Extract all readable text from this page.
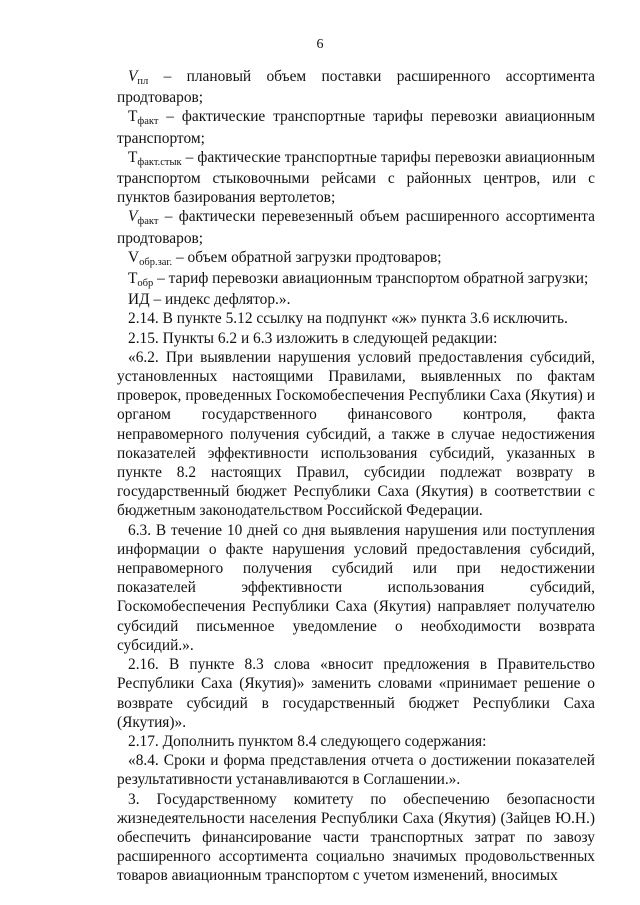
6

Vпл – плановый объем поставки расширенного ассортимента продтоваров;

Tфакт – фактические транспортные тарифы перевозки авиационным транспортом;

Tфакт.стык – фактические транспортные тарифы перевозки авиационным транспортом стыковочными рейсами с районных центров, или с пунктов базирования вертолетов;

Vфакт – фактически перевезенный объем расширенного ассортимента продтоваров;

Vобр.заг. – объем обратной загрузки продтоваров;

Tобр – тариф перевозки авиационным транспортом обратной загрузки;

ИД – индекс дефлятор.».

2.14. В пункте 5.12 ссылку на подпункт «ж» пункта 3.6 исключить.

2.15. Пункты 6.2 и 6.3 изложить в следующей редакции:

«6.2. При выявлении нарушения условий предоставления субсидий, установленных настоящими Правилами, выявленных по фактам проверок, проведенных Госкомобеспечения Республики Саха (Якутия) и органом государственного финансового контроля, факта неправомерного получения субсидий, а также в случае недостижения показателей эффективности использования субсидий, указанных в пункте 8.2 настоящих Правил, субсидии подлежат возврату в государственный бюджет Республики Саха (Якутия) в соответствии с бюджетным законодательством Российской Федерации.

6.3. В течение 10 дней со дня выявления нарушения или поступления информации о факте нарушения условий предоставления субсидий, неправомерного получения субсидий или при недостижении показателей эффективности использования субсидий, Госкомобеспечения Республики Саха (Якутия) направляет получателю субсидий письменное уведомление о необходимости возврата субсидий.».

2.16. В пункте 8.3 слова «вносит предложения в Правительство Республики Саха (Якутия)» заменить словами «принимает решение о возврате субсидий в государственный бюджет Республики Саха (Якутия)».

2.17. Дополнить пунктом 8.4 следующего содержания:

«8.4. Сроки и форма представления отчета о достижении показателей результативности устанавливаются в Соглашении.».

3. Государственному комитету по обеспечению безопасности жизнедеятельности населения Республики Саха (Якутия) (Зайцев Ю.Н.) обеспечить финансирование части транспортных затрат по завозу расширенного ассортимента социально значимых продовольственных товаров авиационным транспортом с учетом изменений, вносимых
